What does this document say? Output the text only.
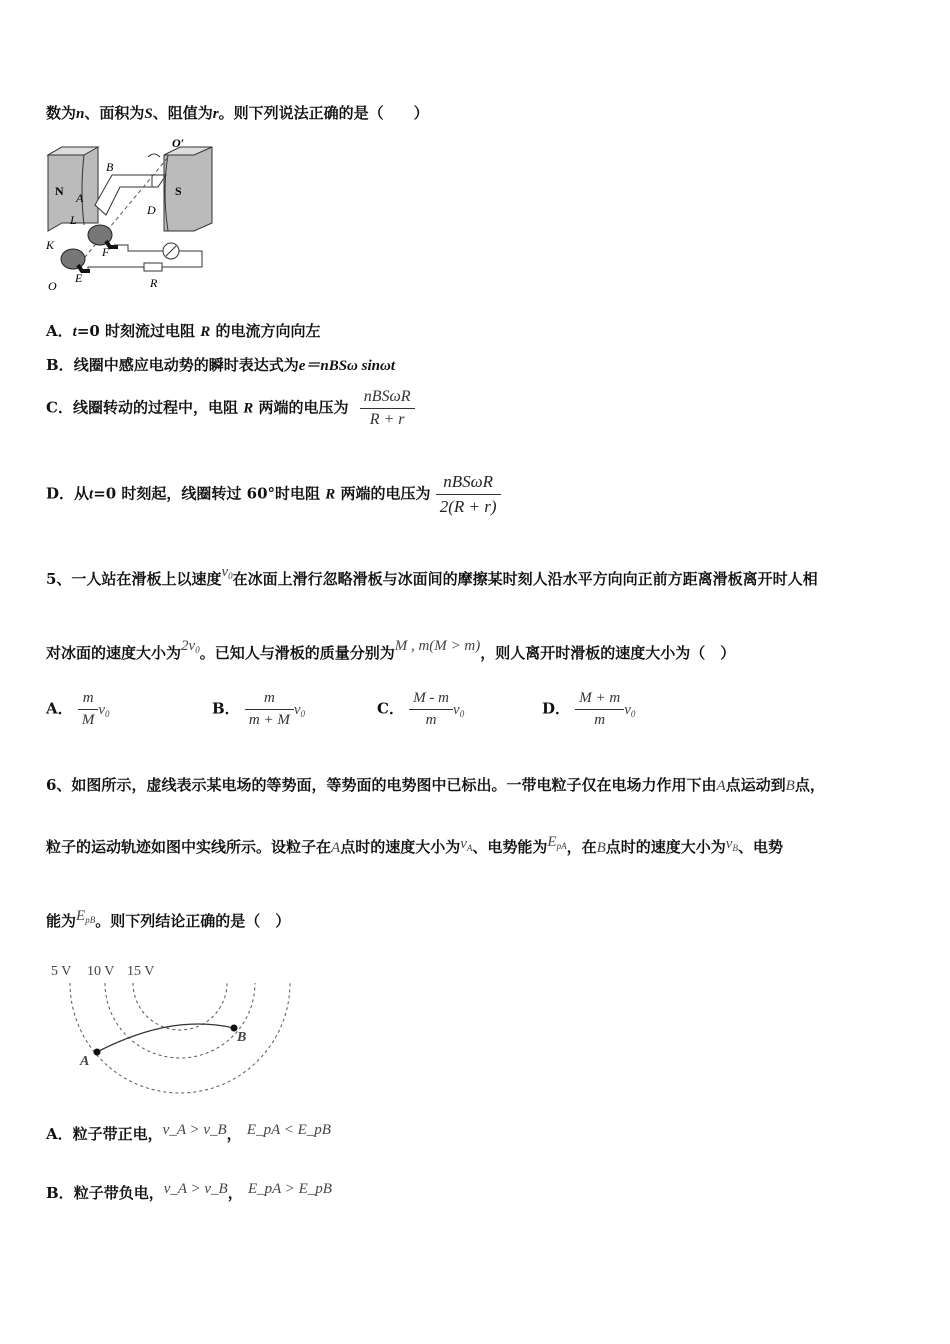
数为n、面积为S、阻值为r。则下列说法正确的是（　　）
O′
B
N	S
A
L
D
K	F
E
O	R
A．t=0 时刻流过电阻 R 的电流方向向左
B．线圈中感应电动势的瞬时表达式为e＝nBSω sinωt
C．线圈转动的过程中，电阻 R 两端的电压为 $\frac{\text{nBSωR}}{R + r}$
D．从t=0 时刻起，线圈转过 60°时电阻 R 两端的电压为 $\frac{\text{nBSωR}}{2(R + r)}$
5、一人站在滑板上以速度$v_0$在冰面上滑行忽略滑板与冰面间的摩擦某时刻人沿水平方向向正前方距离滑板离开时人相
对冰面的速度大小为$2v_0$。已知人与滑板的质量分别为M , m(M > m)，则人离开时滑板的速度大小为（　）
A． $\frac{m}{M} v_0$	B． $\frac{m}{m + M} v_0$	C． $\frac{M - m}{m} v_0$	D． $\frac{M + m}{m} v_0$
6、如图所示，虚线表示某电场的等势面，等势面的电势图中已标出。一带电粒子仅在电场力作用下由A点运动到B点，
粒子的运动轨迹如图中实线所示。设粒子在A点时的速度大小为$v_A$、电势能为$E_{pA}$，在B点时的速度大小为$v_B$、电势
能为$E_{pB}$。则下列结论正确的是（　）
5 V 10 V 15 V
A
B
A．粒子带正电，v_A > v_B， E_pA < E_pB
B．粒子带负电，v_A > v_B， E_pA > E_pB
